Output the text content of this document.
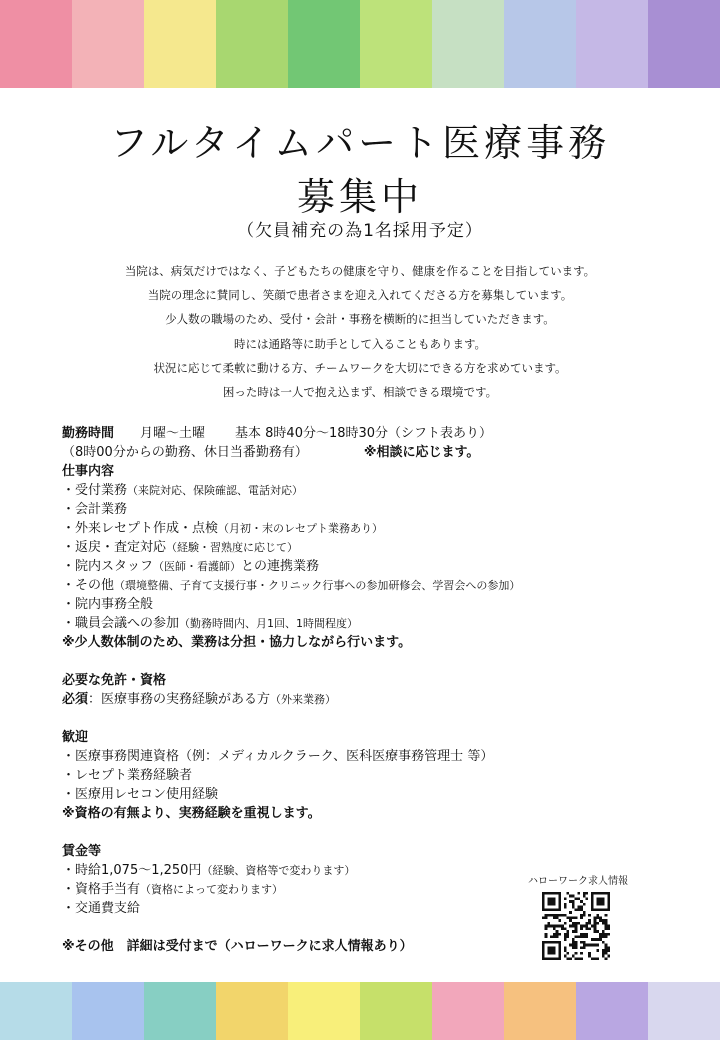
フルタイムパート医療事務
募集中
（欠員補充の為1名採用予定）
当院は、病気だけではなく、子どもたちの健康を守り、健康を作ることを目指しています。
当院の理念に賛同し、笑顔で患者さまを迎え入れてくださる方を募集しています。
少人数の職場のため、受付・会計・事務を横断的に担当していただきます。
時には通路等に助手として入ることもあります。
状況に応じて柔軟に動ける方、チームワークを大切にできる方を求めています。
困った時は一人で抱え込まず、相談できる環境です。
勤務時間 月曜～土曜 基本 8時40分～18時30分（シフト表あり）
（8時00分からの勤務、休日当番勤務有）	※相談に応じます。
仕事内容
・受付業務（来院対応、保険確認、電話対応）
・会計業務
・外来レセプト作成・点検（月初・末のレセプト業務あり）
・返戻・査定対応（経験・習熟度に応じて）
・院内スタッフ（医師・看護師）との連携業務
・その他（環境整備、子育て支援行事・クリニック行事への参加研修会、学習会への参加）
・院内事務全般
・職員会議への参加（勤務時間内、月1回、1時間程度）
※少人数体制のため、業務は分担・協力しながら行います。
必要な免許・資格
必須：医療事務の実務経験がある方（外来業務）
歓迎
・医療事務関連資格（例：メディカルクラーク、医科医療事務管理士 等）
・レセプト業務経験者
・医療用レセコン使用経験
※資格の有無より、実務経験を重視します。
賃金等
・時給1,075～1,250円（経験、資格等で変わります）
・資格手当有（資格によって変わります）
・交通費支給
※その他　詳細は受付まで（ハローワークに求人情報あり）
ハローワーク求人情報
